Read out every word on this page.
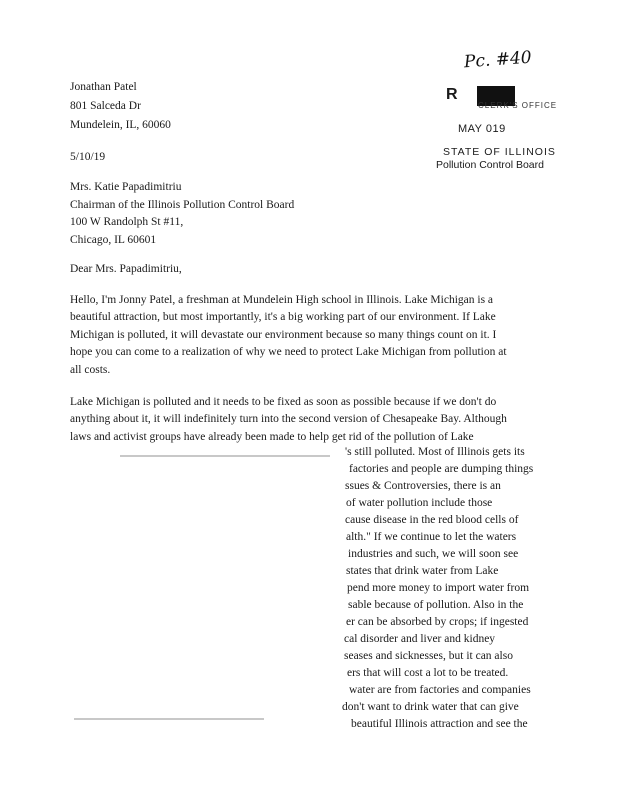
Pc. #40
R
CLERK'S OFFICE
MAY 019
STATE OF ILLINOIS
Pollution Control Board
Jonathan Patel
801 Salceda Dr
Mundelein, IL, 60060
5/10/19
Mrs. Katie Papadimitriu
Chairman of the Illinois Pollution Control Board
100 W Randolph St #11,
Chicago, IL 60601
Dear Mrs. Papadimitriu,
Hello, I'm Jonny Patel, a freshman at Mundelein High school in Illinois. Lake Michigan is a
beautiful attraction, but most importantly, it's a big working part of our environment. If Lake
Michigan is polluted, it will devastate our environment because so many things count on it. I
hope you can come to a realization of why we need to protect Lake Michigan from pollution at
all costs.
Lake Michigan is polluted and it needs to be fixed as soon as possible because if we don't do
anything about it, it will indefinitely turn into the second version of Chesapeake Bay. Although
laws and activist groups have already been made to help get rid of the pollution of Lake
's still polluted. Most of Illinois gets its
factories and people are dumping things
ssues & Controversies, there is an
of water pollution include those
cause disease in the red blood cells of
alth." If we continue to let the waters
industries and such, we will soon see
states that drink water from Lake
pend more money to import water from
sable because of pollution. Also in the
er can be absorbed by crops; if ingested
cal disorder and liver and kidney
seases and sicknesses, but it can also
ers that will cost a lot to be treated.
water are from factories and companies
don't want to drink water that can give
beautiful Illinois attraction and see the
